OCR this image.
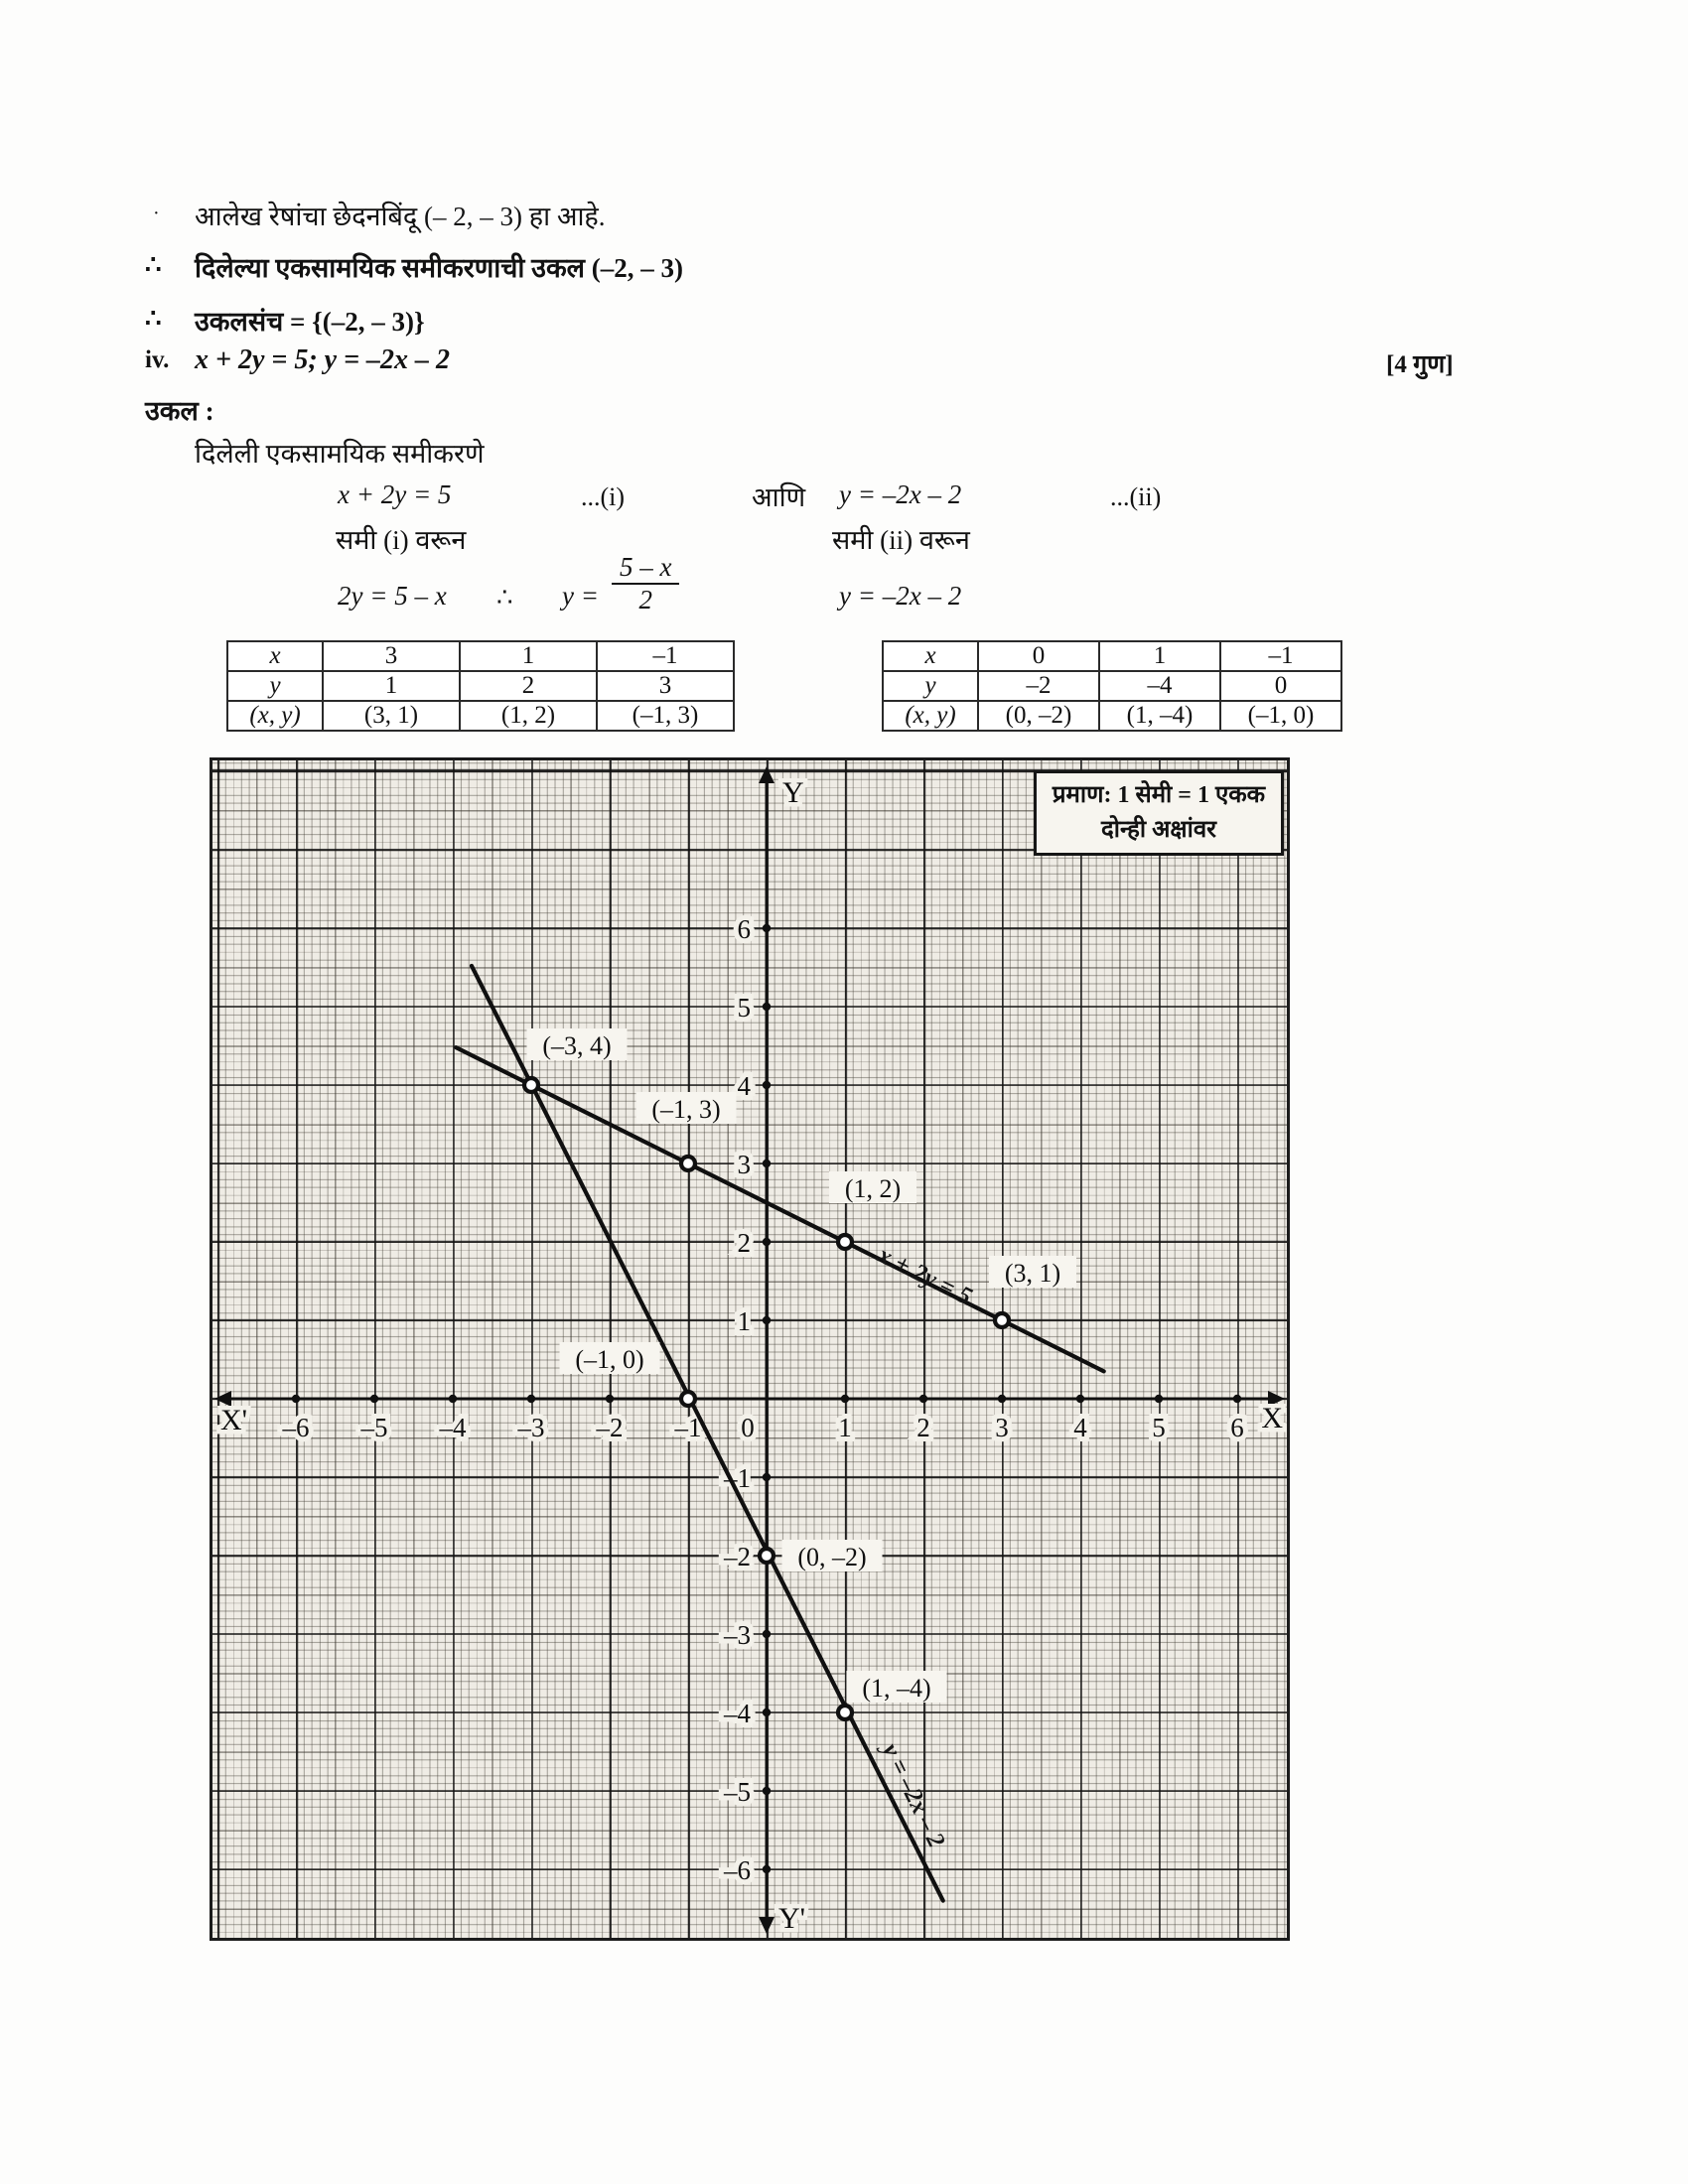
· आलेख रेषांचा छेदनबिंदू (– 2, – 3) हा आहे.
∴ दिलेल्या एकसामयिक समीकरणाची उकल (–2, – 3)
∴ उकलसंच = {(–2, – 3)}
iv. x + 2y = 5; y = –2x – 2	[4 गुण]
उकल :
दिलेली एकसामयिक समीकरणे
x + 2y = 5	...(i)	आणि y = –2x – 2	...(ii)
समी (i) वरून	समी (ii) वरून
2y = 5 – x ∴ y =
5 – x
2	y = –2x – 2
x	3	1	–1
y	1	2	3
(x, y)	(3, 1)	(1, 2)	(–1, 3)
x	0	1	–1
y	–2	–4	0
(x, y)	(0, –2)	(1, –4)	(–1, 0)
–6 –5 –4 –3 –2 –1	1 2 3 4 5 6
–6
–5
–4
–3
–2
–1
1
2
3
4
5
6
0
x + 2y = 5
y = –2x – 2
(–3, 4)
(–1, 3)
(1, 2)
(3, 1)
(–1, 0)
(0, –2)
(1, –4)
X'	X
Y
Y'
प्रमाण: 1 सेमी = 1 एकक
दोन्ही अक्षांवर
